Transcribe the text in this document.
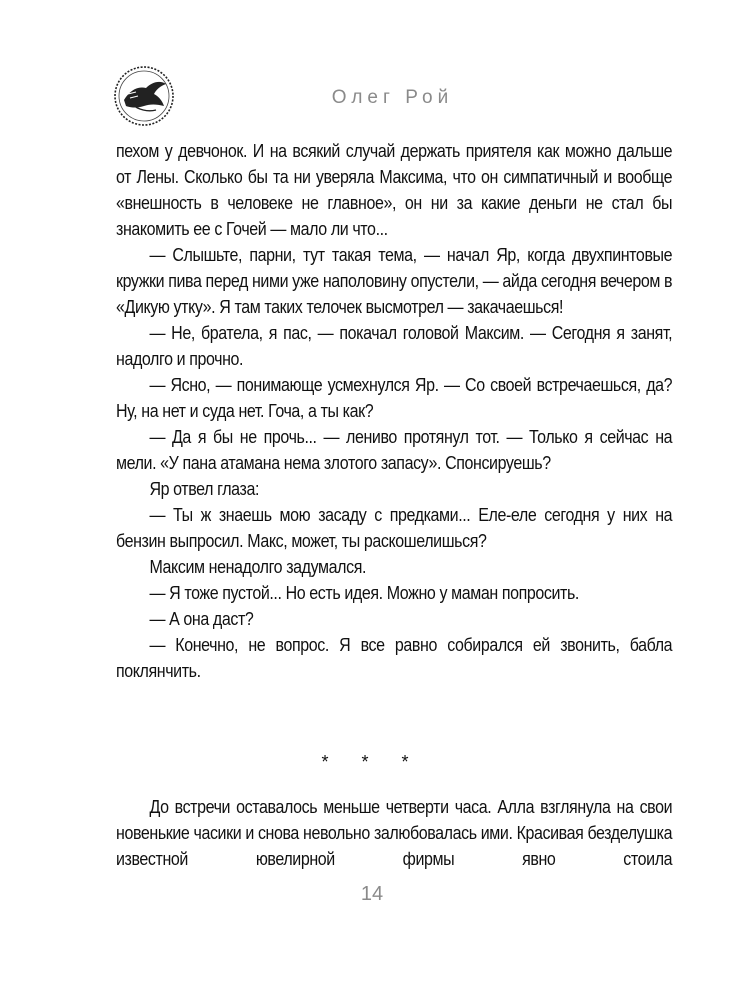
Олег Рой

пехом у девчонок. И на всякий случай держать приятеля как можно дальше от Лены. Сколько бы та ни уверяла Максима, что он симпатичный и вообще «внешность в человеке не главное», он ни за какие деньги не стал бы знакомить ее с Гочей — мало ли что...

— Слышьте, парни, тут такая тема, — начал Яр, когда двухпинтовые кружки пива перед ними уже наполовину опустели, — айда сегодня вечером в «Дикую утку». Я там таких телочек высмотрел — закачаешься!

— Не, братела, я пас, — покачал головой Максим. — Сегодня я занят, надолго и прочно.

— Ясно, — понимающе усмехнулся Яр. — Со своей встречаешься, да? Ну, на нет и суда нет. Гоча, а ты как?

— Да я бы не прочь... — лениво протянул тот. — Только я сейчас на мели. «У пана атамана нема злотого запасу». Спонсируешь?

Яр отвел глаза:

— Ты ж знаешь мою засаду с предками... Еле-еле сегодня у них на бензин выпросил. Макс, может, ты раскошелишься?

Максим ненадолго задумался.

— Я тоже пустой... Но есть идея. Можно у маман попросить.

— А она даст?

— Конечно, не вопрос. Я все равно собирался ей звонить, бабла поклянчить.

* * *

До встречи оставалось меньше четверти часа. Алла взглянула на свои новенькие часики и снова невольно залюбовалась ими. Красивая безделушка известной ювелирной фирмы явно стоила

14
